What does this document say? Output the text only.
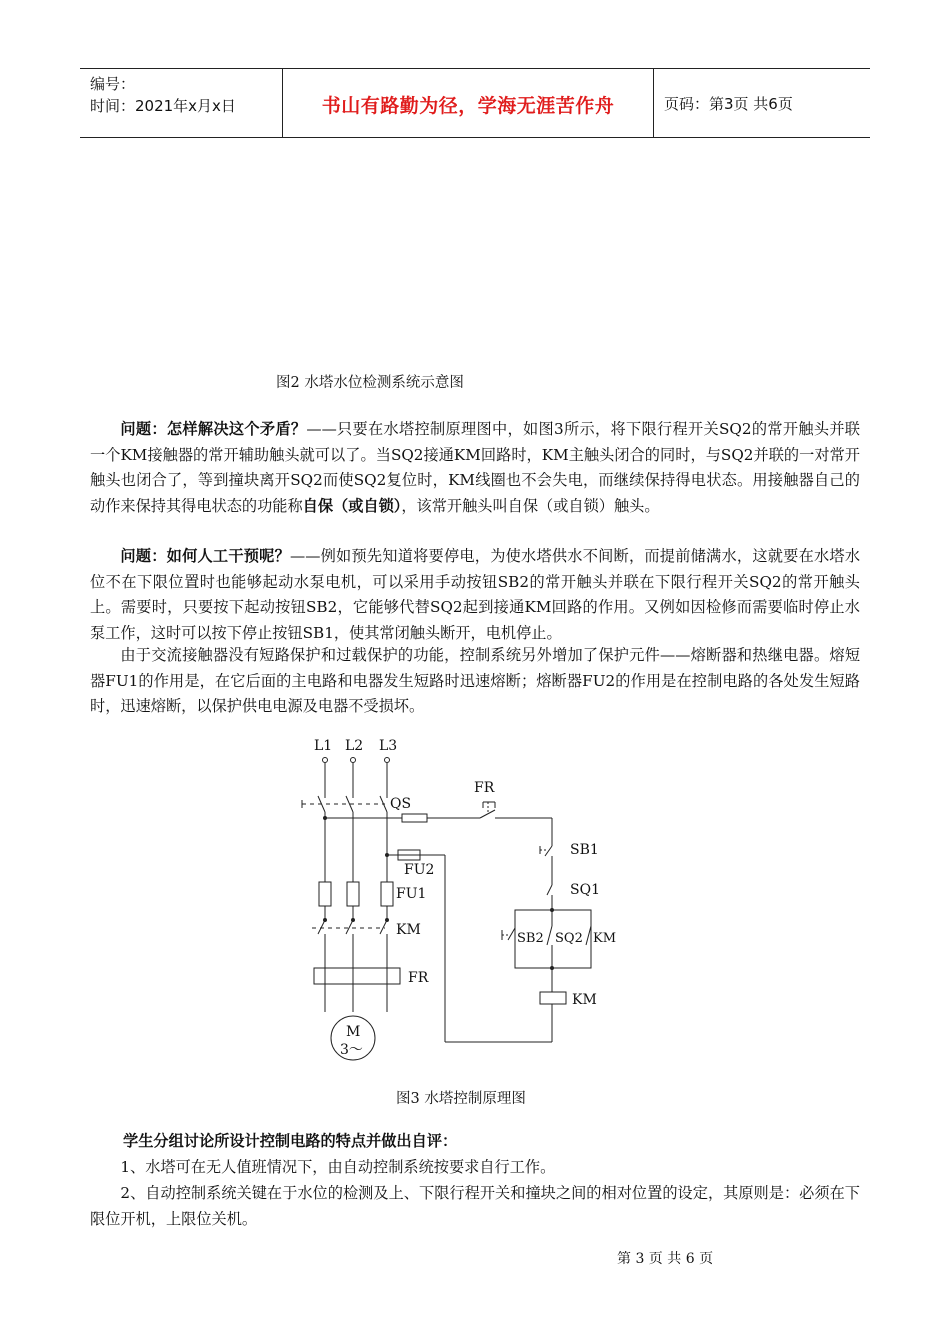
编号：
时间：2021年x月x日	书山有路勤为径，学海无涯苦作舟	页码：第3页 共6页
图2 水塔水位检测系统示意图
问题：怎样解决这个矛盾？——只要在水塔控制原理图中，如图3所示，将下限行程开关SQ2的常开触头并联一个KM接触器的常开辅助触头就可以了。当SQ2接通KM回路时，KM主触头闭合的同时，与SQ2并联的一对常开触头也闭合了，等到撞块离开SQ2而使SQ2复位时，KM线圈也不会失电，而继续保持得电状态。用接触器自己的动作来保持其得电状态的功能称自保（或自锁），该常开触头叫自保（或自锁）触头。
问题：如何人工干预呢？——例如预先知道将要停电，为使水塔供水不间断，而提前储满水，这就要在水塔水位不在下限位置时也能够起动水泵电机，可以采用手动按钮SB2的常开触头并联在下限行程开关SQ2的常开触头上。需要时，只要按下起动按钮SB2，它能够代替SQ2起到接通KM回路的作用。又例如因检修而需要临时停止水泵工作，这时可以按下停止按钮SB1，使其常闭触头断开，电机停止。
由于交流接触器没有短路保护和过载保护的功能，控制系统另外增加了保护元件——熔断器和热继电器。熔短器FU1的作用是，在它后面的主电路和电器发生短路时迅速熔断；熔断器FU2的作用是在控制电路的各处发生短路时，迅速熔断，以保护供电电源及电器不受损坏。
L1 L2 L3
QS
FR
SB1
FU2
FU1	SQ1
KM
SB2 SQ2 KM
FR
KM
M
3～
图3 水塔控制原理图
学生分组讨论所设计控制电路的特点并做出自评：
1、水塔可在无人值班情况下，由自动控制系统按要求自行工作。
2、自动控制系统关键在于水位的检测及上、下限行程开关和撞块之间的相对位置的设定，其原则是：必须在下限位开机，上限位关机。
第 3 页 共 6 页
